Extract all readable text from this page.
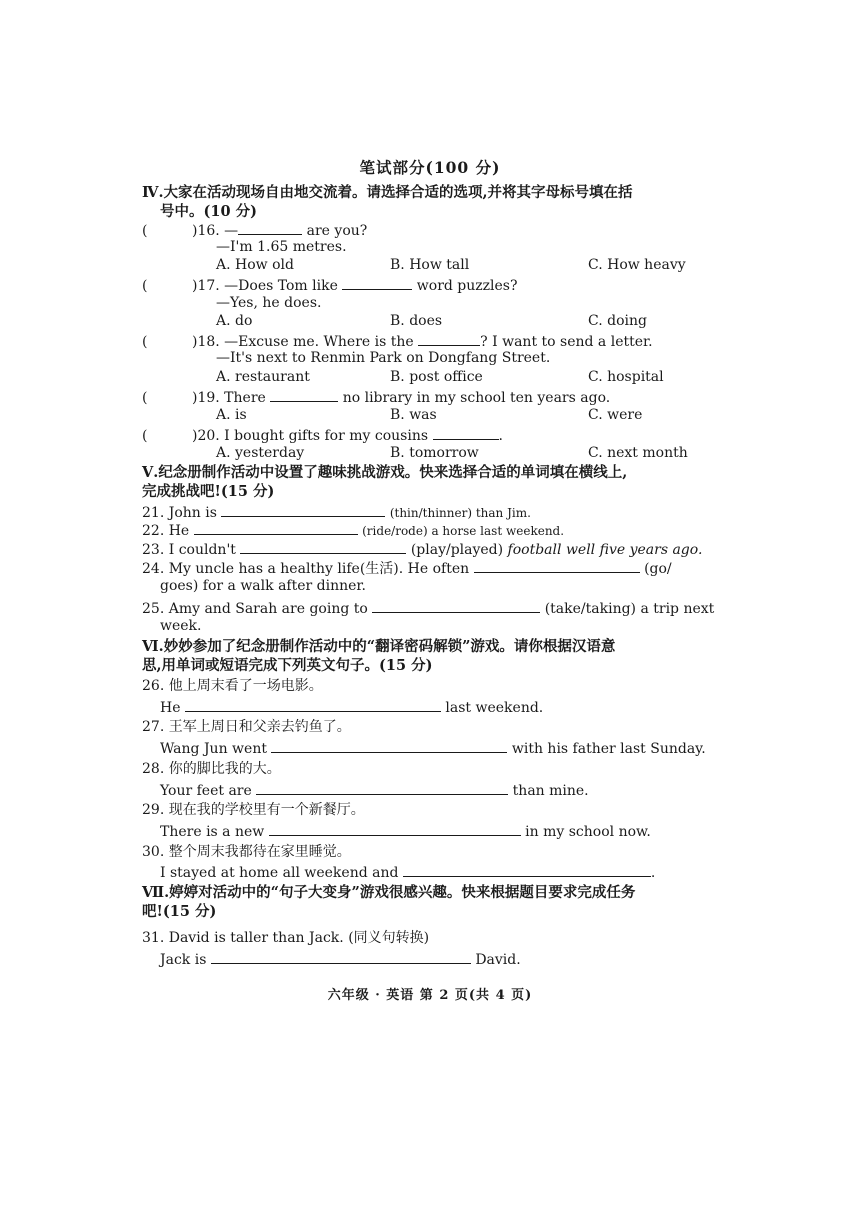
笔试部分(100 分)
Ⅳ.大家在活动现场自由地交流着。请选择合适的选项,并将其字母标号填在括
号中。(10 分)
(	)16. —	are you?
—I'm 1.65 metres.
A. How old	B. How tall	C. How heavy
(	)17. —Does Tom like	word puzzles?
—Yes, he does.
A. do	B. does	C. doing
(	)18. —Excuse me. Where is the	? I want to send a letter.
—It's next to Renmin Park on Dongfang Street.
A. restaurant	B. post office	C. hospital
(	)19. There	no library in my school ten years ago.
A. is	B. was	C. were
(	)20. I bought gifts for my cousins	.
A. yesterday	B. tomorrow	C. next month
Ⅴ.纪念册制作活动中设置了趣味挑战游戏。快来选择合适的单词填在横线上,
完成挑战吧!(15 分)
21. John is	(thin/thinner) than Jim.
22. He	(ride/rode) a horse last weekend.
23. I couldn't	(play/played) football well five years ago.
24. My uncle has a healthy life(生活). He often	(go/
goes) for a walk after dinner.
25. Amy and Sarah are going to	(take/taking) a trip next
week.
Ⅵ.妙妙参加了纪念册制作活动中的“翻译密码解锁”游戏。请你根据汉语意
思,用单词或短语完成下列英文句子。(15 分)
26. 他上周末看了一场电影。
He	last weekend.
27. 王军上周日和父亲去钓鱼了。
Wang Jun went	with his father last Sunday.
28. 你的脚比我的大。
Your feet are	than mine.
29. 现在我的学校里有一个新餐厅。
There is a new	in my school now.
30. 整个周末我都待在家里睡觉。
I stayed at home all weekend and	.
Ⅶ.婷婷对活动中的“句子大变身”游戏很感兴趣。快来根据题目要求完成任务
吧!(15 分)
31. David is taller than Jack. (同义句转换)
Jack is	David.
六年级 · 英语 第 2 页(共 4 页)
